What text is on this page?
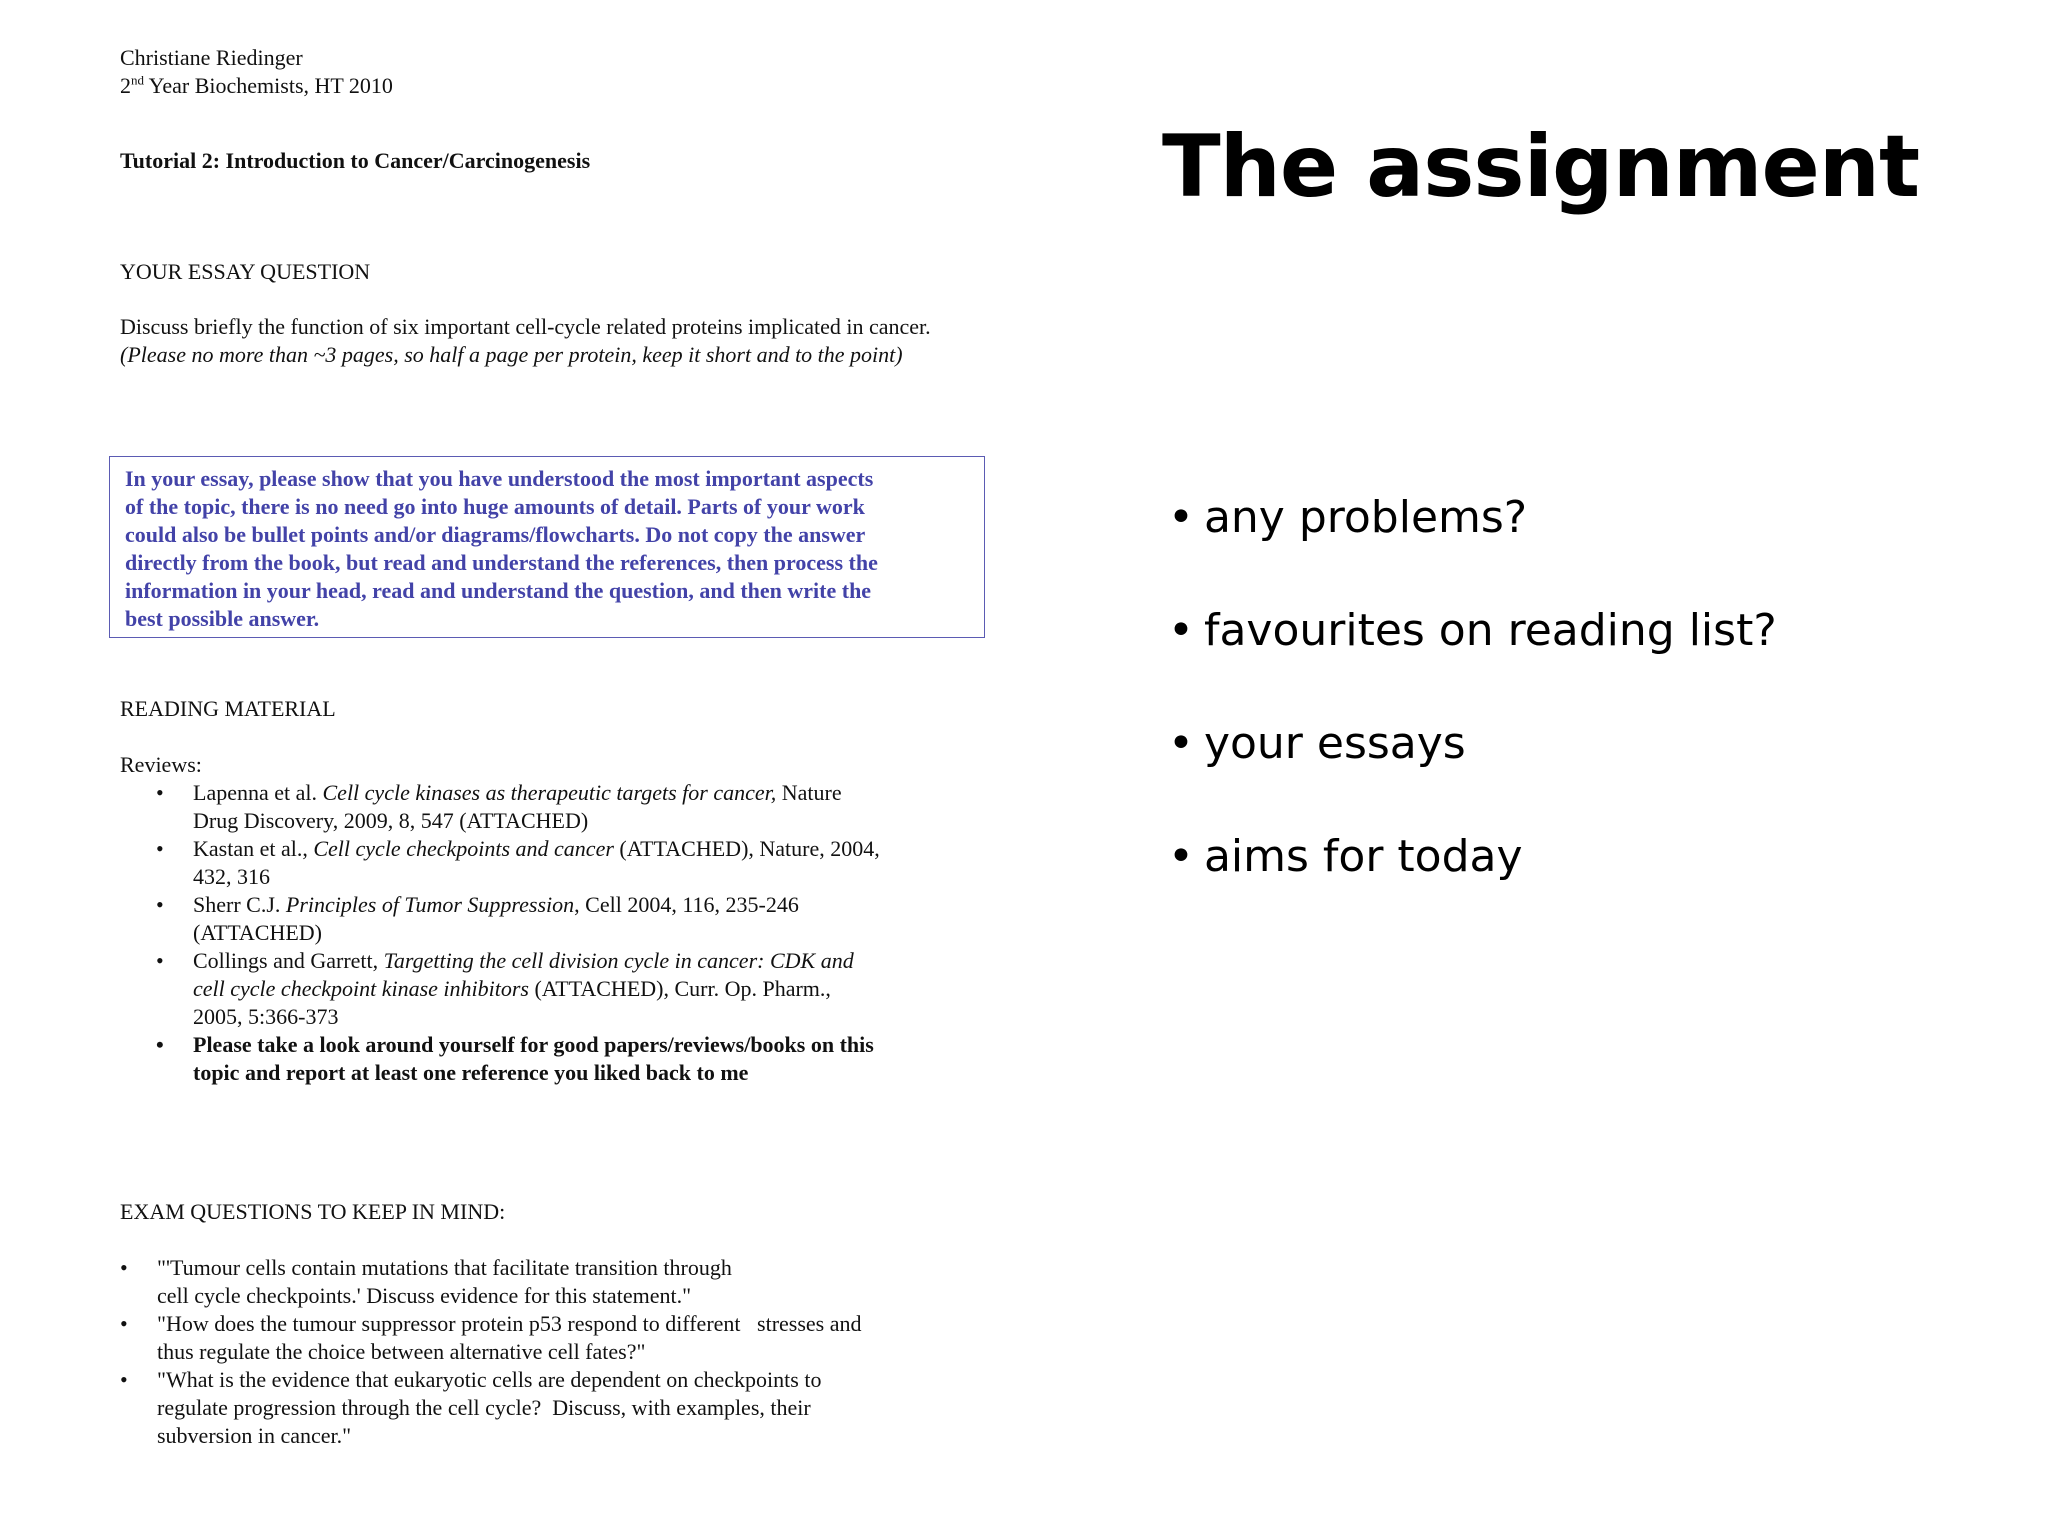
Christiane Riedinger
2nd Year Biochemists, HT 2010
Tutorial 2: Introduction to Cancer/Carcinogenesis
YOUR ESSAY QUESTION
Discuss briefly the function of six important cell-cycle related proteins implicated in cancer. (Please no more than ~3 pages, so half a page per protein, keep it short and to the point)
In your essay, please show that you have understood the most important aspects
of the topic, there is no need go into huge amounts of detail. Parts of your work
could also be bullet points and/or diagrams/flowcharts. Do not copy the answer
directly from the book, but read and understand the references, then process the
information in your head, read and understand the question, and then write the
best possible answer.
READING MATERIAL
Reviews:
• Lapenna et al. Cell cycle kinases as therapeutic targets for cancer, Nature
Drug Discovery, 2009, 8, 547 (ATTACHED)
• Kastan et al., Cell cycle checkpoints and cancer (ATTACHED), Nature, 2004,
432, 316
• Sherr C.J. Principles of Tumor Suppression, Cell 2004, 116, 235-246
(ATTACHED)
• Collings and Garrett, Targetting the cell division cycle in cancer: CDK and
cell cycle checkpoint kinase inhibitors (ATTACHED), Curr. Op. Pharm.,
2005, 5:366-373
• Please take a look around yourself for good papers/reviews/books on this
topic and report at least one reference you liked back to me
EXAM QUESTIONS TO KEEP IN MIND:
• "'Tumour cells contain mutations that facilitate transition through
cell cycle checkpoints.' Discuss evidence for this statement."
• "How does the tumour suppressor protein p53 respond to different   stresses and
thus regulate the choice between alternative cell fates?"
• "What is the evidence that eukaryotic cells are dependent on checkpoints to
regulate progression through the cell cycle?  Discuss, with examples, their
subversion in cancer."
The assignment
• any problems?
• favourites on reading list?
• your essays
• aims for today
